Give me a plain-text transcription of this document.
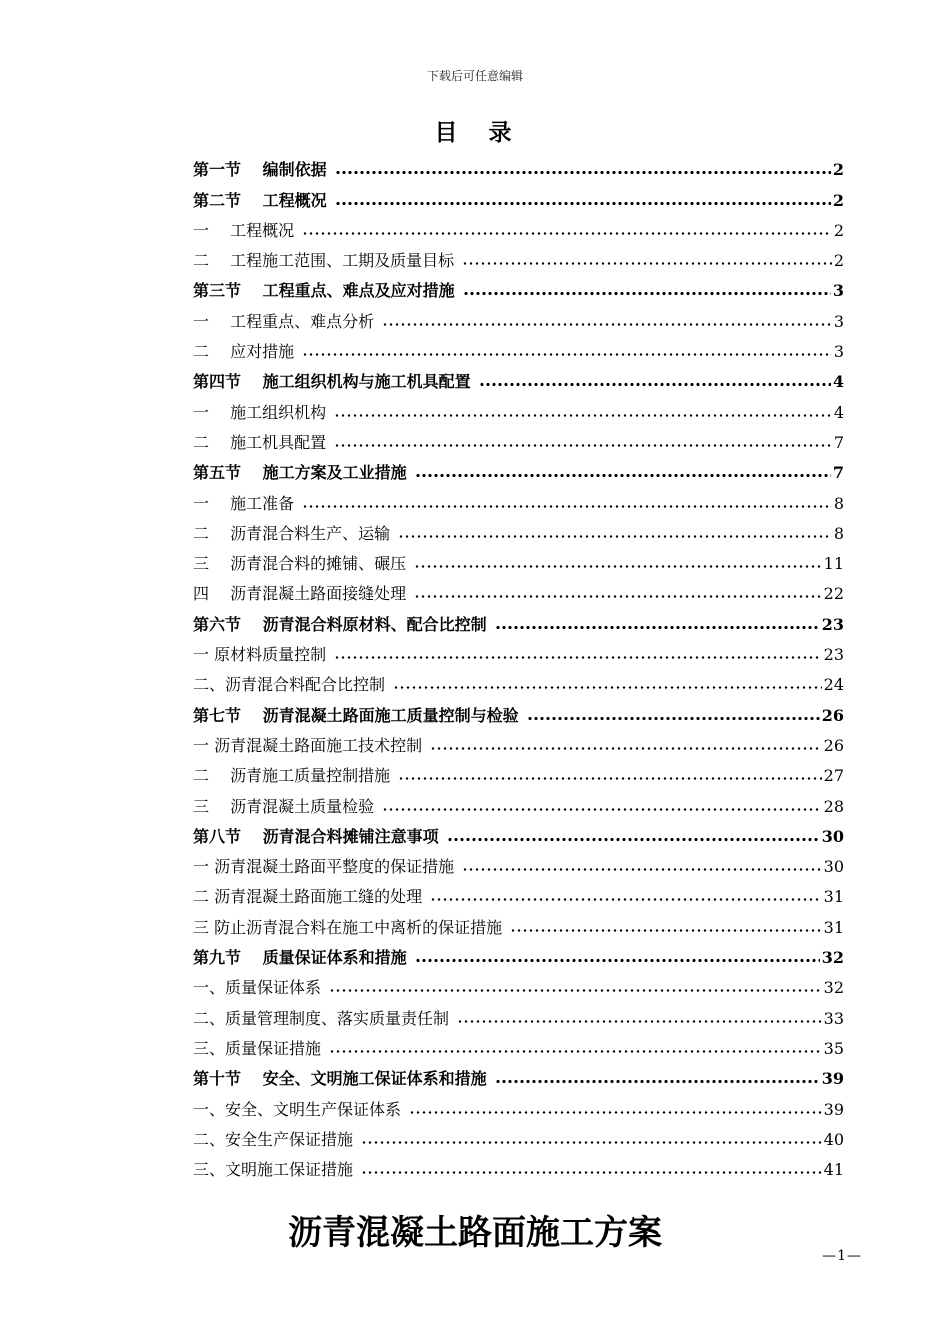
下载后可任意编辑
目　录
第一节　 编制依据	2
第二节　 工程概况	2
一　 工程概况	2
二　 工程施工范围、工期及质量目标	2
第三节　 工程重点、难点及应对措施	3
一　 工程重点、难点分析	3
二　 应对措施	3
第四节　 施工组织机构与施工机具配置	4
一　 施工组织机构	4
二　 施工机具配置	7
第五节　 施工方案及工业措施	7
一　 施工准备	8
二　 沥青混合料生产、运输	8
三　 沥青混合料的摊铺、碾压	11
四　 沥青混凝土路面接缝处理	22
第六节　 沥青混合料原材料、配合比控制	23
一 原材料质量控制	23
二、沥青混合料配合比控制	24
第七节　 沥青混凝土路面施工质量控制与检验	26
一 沥青混凝土路面施工技术控制	26
二　 沥青施工质量控制措施	27
三　 沥青混凝土质量检验	28
第八节　 沥青混合料摊铺注意事项	30
一 沥青混凝土路面平整度的保证措施	30
二 沥青混凝土路面施工缝的处理	31
三 防止沥青混合料在施工中离析的保证措施	31
第九节　 质量保证体系和措施	32
一、质量保证体系	32
二、质量管理制度、落实质量责任制	33
三、质量保证措施	35
第十节　 安全、文明施工保证体系和措施	39
一、安全、文明生产保证体系	39
二、安全生产保证措施	40
三、文明施工保证措施	41
沥青混凝土路面施工方案
—1—
